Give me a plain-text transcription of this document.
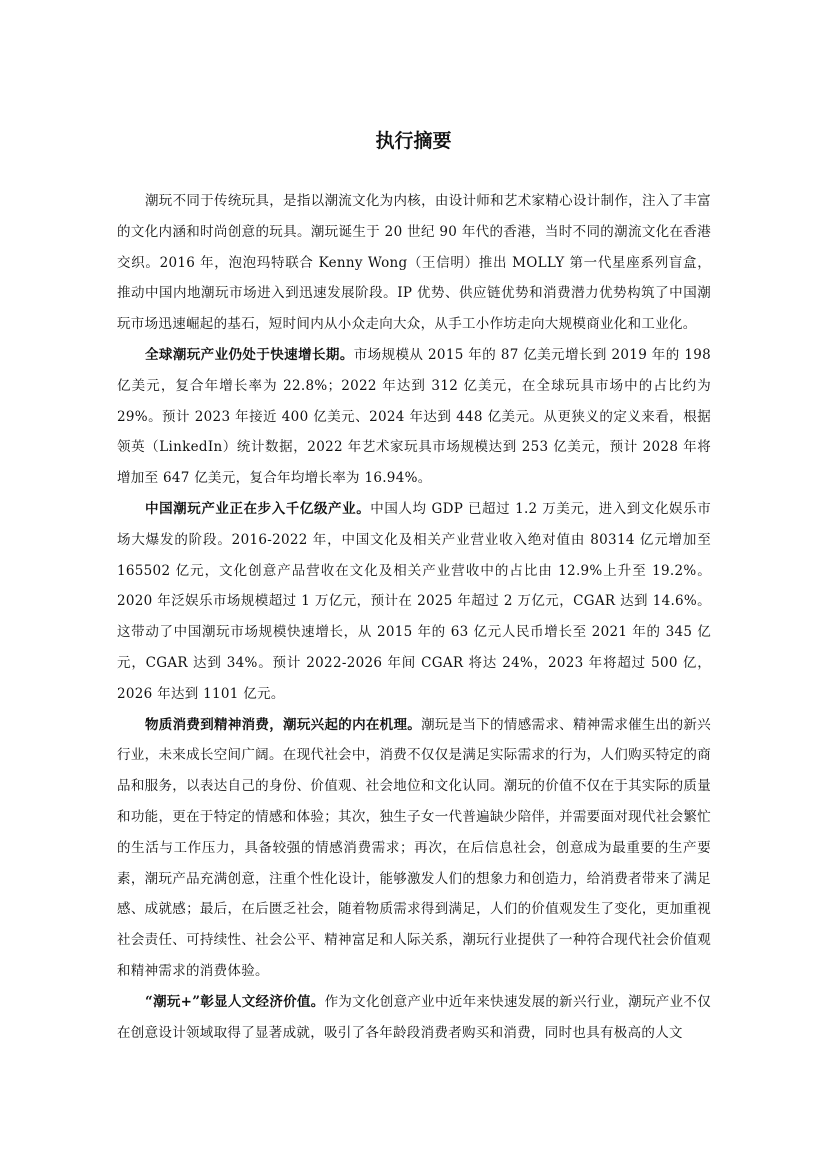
执行摘要

潮玩不同于传统玩具，是指以潮流文化为内核，由设计师和艺术家精心设计制作，注入了丰富的文化内涵和时尚创意的玩具。潮玩诞生于 20 世纪 90 年代的香港，当时不同的潮流文化在香港交织。2016 年，泡泡玛特联合 Kenny Wong（王信明）推出 MOLLY 第一代星座系列盲盒，推动中国内地潮玩市场进入到迅速发展阶段。IP 优势、供应链优势和消费潜力优势构筑了中国潮玩市场迅速崛起的基石，短时间内从小众走向大众，从手工小作坊走向大规模商业化和工业化。

全球潮玩产业仍处于快速增长期。市场规模从 2015 年的 87 亿美元增长到 2019 年的 198 亿美元，复合年增长率为 22.8%；2022 年达到 312 亿美元，在全球玩具市场中的占比约为 29%。预计 2023 年接近 400 亿美元、2024 年达到 448 亿美元。从更狭义的定义来看，根据领英（LinkedIn）统计数据，2022 年艺术家玩具市场规模达到 253 亿美元，预计 2028 年将增加至 647 亿美元，复合年均增长率为 16.94%。

中国潮玩产业正在步入千亿级产业。中国人均 GDP 已超过 1.2 万美元，进入到文化娱乐市场大爆发的阶段。2016-2022 年，中国文化及相关产业营业收入绝对值由 80314 亿元增加至 165502 亿元，文化创意产品营收在文化及相关产业营收中的占比由 12.9%上升至 19.2%。2020 年泛娱乐市场规模超过 1 万亿元，预计在 2025 年超过 2 万亿元，CGAR 达到 14.6%。这带动了中国潮玩市场规模快速增长，从 2015 年的 63 亿元人民币增长至 2021 年的 345 亿元，CGAR 达到 34%。预计 2022-2026 年间 CGAR 将达 24%，2023 年将超过 500 亿，2026 年达到 1101 亿元。

物质消费到精神消费，潮玩兴起的内在机理。潮玩是当下的情感需求、精神需求催生出的新兴行业，未来成长空间广阔。在现代社会中，消费不仅仅是满足实际需求的行为，人们购买特定的商品和服务，以表达自己的身份、价值观、社会地位和文化认同。潮玩的价值不仅在于其实际的质量和功能，更在于特定的情感和体验；其次，独生子女一代普遍缺少陪伴，并需要面对现代社会繁忙的生活与工作压力，具备较强的情感消费需求；再次，在后信息社会，创意成为最重要的生产要素，潮玩产品充满创意，注重个性化设计，能够激发人们的想象力和创造力，给消费者带来了满足感、成就感；最后，在后匮乏社会，随着物质需求得到满足，人们的价值观发生了变化，更加重视社会责任、可持续性、社会公平、精神富足和人际关系，潮玩行业提供了一种符合现代社会价值观和精神需求的消费体验。

“潮玩+”彰显人文经济价值。作为文化创意产业中近年来快速发展的新兴行业，潮玩产业不仅在创意设计领域取得了显著成就，吸引了各年龄段消费者购买和消费，同时也具有极高的人文
